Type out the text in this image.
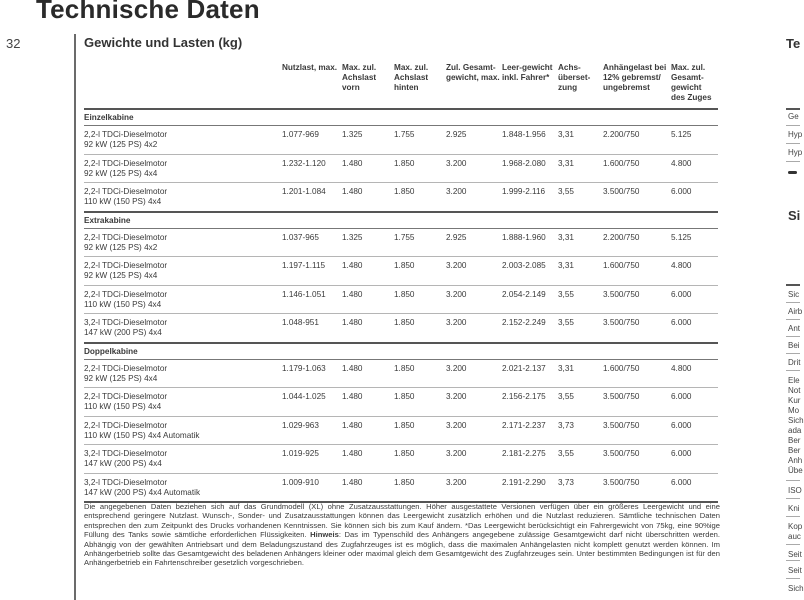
Technische Daten
32	Gewichte und Lasten (kg)
	Nutzlast, max.	Max. zul. Achslast vorn	Max. zul. Achslast hinten	Zul. Gesamt-gewicht, max.	Leer-gewicht inkl. Fahrer*	Achs-überset-zung	Anhängelast bei 12% gebremst/ ungebremst	Max. zul. Gesamt-gewicht des Zuges
Einzelkabine								

2,2-l TDCi-Dieselmotor
92 kW (125 PS) 4x2	1.077-969	1.325	1.755	2.925	1.848-1.956	3,31	2.200/750	5.125

2,2-l TDCi-Dieselmotor
92 kW (125 PS) 4x4	1.232-1.120	1.480	1.850	3.200	1.968-2.080	3,31	1.600/750	4.800

2,2-l TDCi-Dieselmotor
110 kW (150 PS) 4x4	1.201-1.084	1.480	1.850	3.200	1.999-2.116	3,55	3.500/750	6.000
Extrakabine								

2,2-l TDCi-Dieselmotor
92 kW (125 PS) 4x2	1.037-965	1.325	1.755	2.925	1.888-1.960	3,31	2.200/750	5.125

2,2-l TDCi-Dieselmotor
92 kW (125 PS) 4x4	1.197-1.115	1.480	1.850	3.200	2.003-2.085	3,31	1.600/750	4.800

2,2-l TDCi-Dieselmotor
110 kW (150 PS) 4x4	1.146-1.051	1.480	1.850	3.200	2.054-2.149	3,55	3.500/750	6.000

3,2-l TDCi-Dieselmotor
147 kW (200 PS) 4x4	1.048-951	1.480	1.850	3.200	2.152-2.249	3,55	3.500/750	6.000
Doppelkabine								

2,2-l TDCi-Dieselmotor
92 kW (125 PS) 4x4	1.179-1.063	1.480	1.850	3.200	2.021-2.137	3,31	1.600/750	4.800

2,2-l TDCi-Dieselmotor
110 kW (150 PS) 4x4	1.044-1.025	1.480	1.850	3.200	2.156-2.175	3,55	3.500/750	6.000

2,2-l TDCi-Dieselmotor
110 kW (150 PS) 4x4 Automatik	1.029-963	1.480	1.850	3.200	2.171-2.237	3,73	3.500/750	6.000

3,2-l TDCi-Dieselmotor
147 kW (200 PS) 4x4	1.019-925	1.480	1.850	3.200	2.181-2.275	3,55	3.500/750	6.000

3,2-l TDCi-Dieselmotor
147 kW (200 PS) 4x4 Automatik	1.009-910	1.480	1.850	3.200	2.191-2.290	3,73	3.500/750	6.000
Die angegebenen Daten beziehen sich auf das Grundmodell (XL) ohne Zusatzausstattungen. Höher ausgestattete Versionen verfügen über ein größeres Leergewicht und eine entsprechend geringere Nutzlast. Wunsch-, Sonder- und Zusatzausstattungen können das Leergewicht zusätzlich erhöhen und die Nutzlast reduzieren. Sämtliche technischen Daten entsprechen den zum Zeitpunkt des Drucks vorhandenen Kenntnissen. Sie können sich bis zum Kauf ändern. *Das Leergewicht berücksichtigt ein Fahrergewicht von 75kg, eine 90%ige Füllung des Tanks sowie sämtliche erforderlichen Flüssigkeiten. Hinweis: Das im Typenschild des Anhängers angegebene zulässige Gesamtgewicht darf nicht überschritten werden. Abhängig von der gewählten Antriebsart und dem Beladungszustand des Zugfahrzeuges ist es möglich, dass die maximalen Anhängelasten nicht komplett genutzt werden können. Im Anhängerbetrieb sollte das Gesamtgewicht des beladenen Anhängers kleiner oder maximal gleich dem Gesamtgewicht des Zugfahrzeuges sein. Unter bestimmten Bedingungen ist für den Anhängerbetrieb ein Fahrtenschreiber gesetzlich vorgeschrieben.
Te
Ge
Hyp
Hyp
Si
Sic
Airb
Ant
Bei
Drit
Ele
Not
Kur
Mo
Sich
ada
Ber
Ber
Anh
Übe
ISO
Kni
Kop
auc
Seit
Seit
Sich
